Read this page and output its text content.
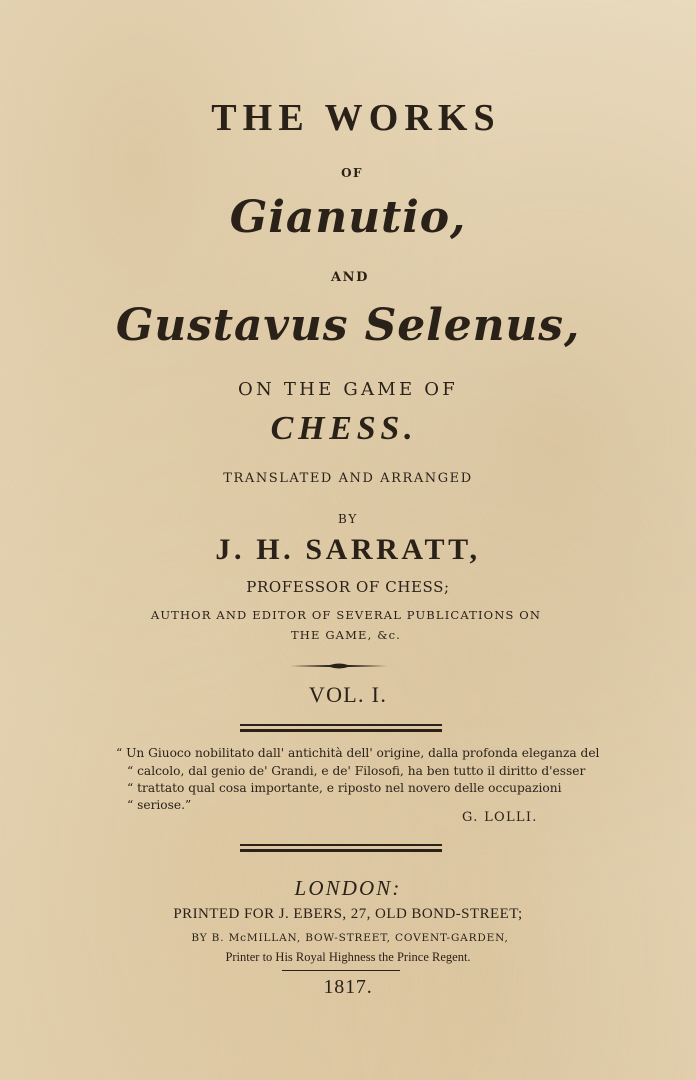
THE WORKS
OF
Gianutio,
AND
Gustavus Selenus,
ON THE GAME OF
CHESS.
TRANSLATED AND ARRANGED
BY
J. H. SARRATT,
PROFESSOR OF CHESS;
AUTHOR AND EDITOR OF SEVERAL PUBLICATIONS ON
THE GAME, &c.
VOL. I.
“ Un Giuoco nobilitato dall' antichità dell' origine, dalla profonda eleganza del
“ calcolo, dal genio de' Grandi, e de' Filosofi, ha ben tutto il diritto d'esser
“ trattato qual cosa importante, e riposto nel novero delle occupazioni
“ seriose.”
G. LOLLI.
LONDON:
PRINTED FOR J. EBERS, 27, OLD BOND-STREET;
BY B. McMILLAN, BOW-STREET, COVENT-GARDEN,
Printer to His Royal Highness the Prince Regent.
1817.
